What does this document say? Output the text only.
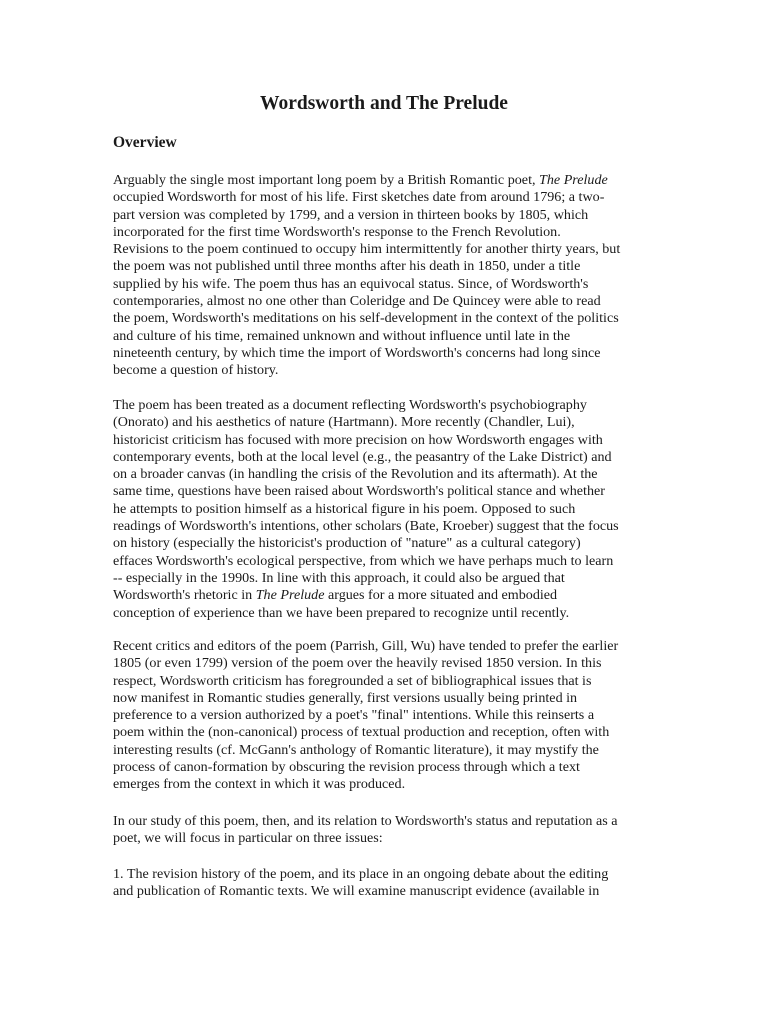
Wordsworth and The Prelude
Overview

Arguably the single most important long poem by a British Romantic poet, The Prelude
occupied Wordsworth for most of his life. First sketches date from around 1796; a two-
part version was completed by 1799, and a version in thirteen books by 1805, which
incorporated for the first time Wordsworth's response to the French Revolution.
Revisions to the poem continued to occupy him intermittently for another thirty years, but
the poem was not published until three months after his death in 1850, under a title
supplied by his wife. The poem thus has an equivocal status. Since, of Wordsworth's
contemporaries, almost no one other than Coleridge and De Quincey were able to read
the poem, Wordsworth's meditations on his self-development in the context of the politics
and culture of his time, remained unknown and without influence until late in the
nineteenth century, by which time the import of Wordsworth's concerns had long since
become a question of history.

The poem has been treated as a document reflecting Wordsworth's psychobiography
(Onorato) and his aesthetics of nature (Hartmann). More recently (Chandler, Lui),
historicist criticism has focused with more precision on how Wordsworth engages with
contemporary events, both at the local level (e.g., the peasantry of the Lake District) and
on a broader canvas (in handling the crisis of the Revolution and its aftermath). At the
same time, questions have been raised about Wordsworth's political stance and whether
he attempts to position himself as a historical figure in his poem. Opposed to such
readings of Wordsworth's intentions, other scholars (Bate, Kroeber) suggest that the focus
on history (especially the historicist's production of "nature" as a cultural category)
effaces Wordsworth's ecological perspective, from which we have perhaps much to learn
-- especially in the 1990s. In line with this approach, it could also be argued that
Wordsworth's rhetoric in The Prelude argues for a more situated and embodied
conception of experience than we have been prepared to recognize until recently.

Recent critics and editors of the poem (Parrish, Gill, Wu) have tended to prefer the earlier
1805 (or even 1799) version of the poem over the heavily revised 1850 version. In this
respect, Wordsworth criticism has foregrounded a set of bibliographical issues that is
now manifest in Romantic studies generally, first versions usually being printed in
preference to a version authorized by a poet's "final" intentions. While this reinserts a
poem within the (non-canonical) process of textual production and reception, often with
interesting results (cf. McGann's anthology of Romantic literature), it may mystify the
process of canon-formation by obscuring the revision process through which a text
emerges from the context in which it was produced.

In our study of this poem, then, and its relation to Wordsworth's status and reputation as a
poet, we will focus in particular on three issues:

1. The revision history of the poem, and its place in an ongoing debate about the editing
and publication of Romantic texts. We will examine manuscript evidence (available in
